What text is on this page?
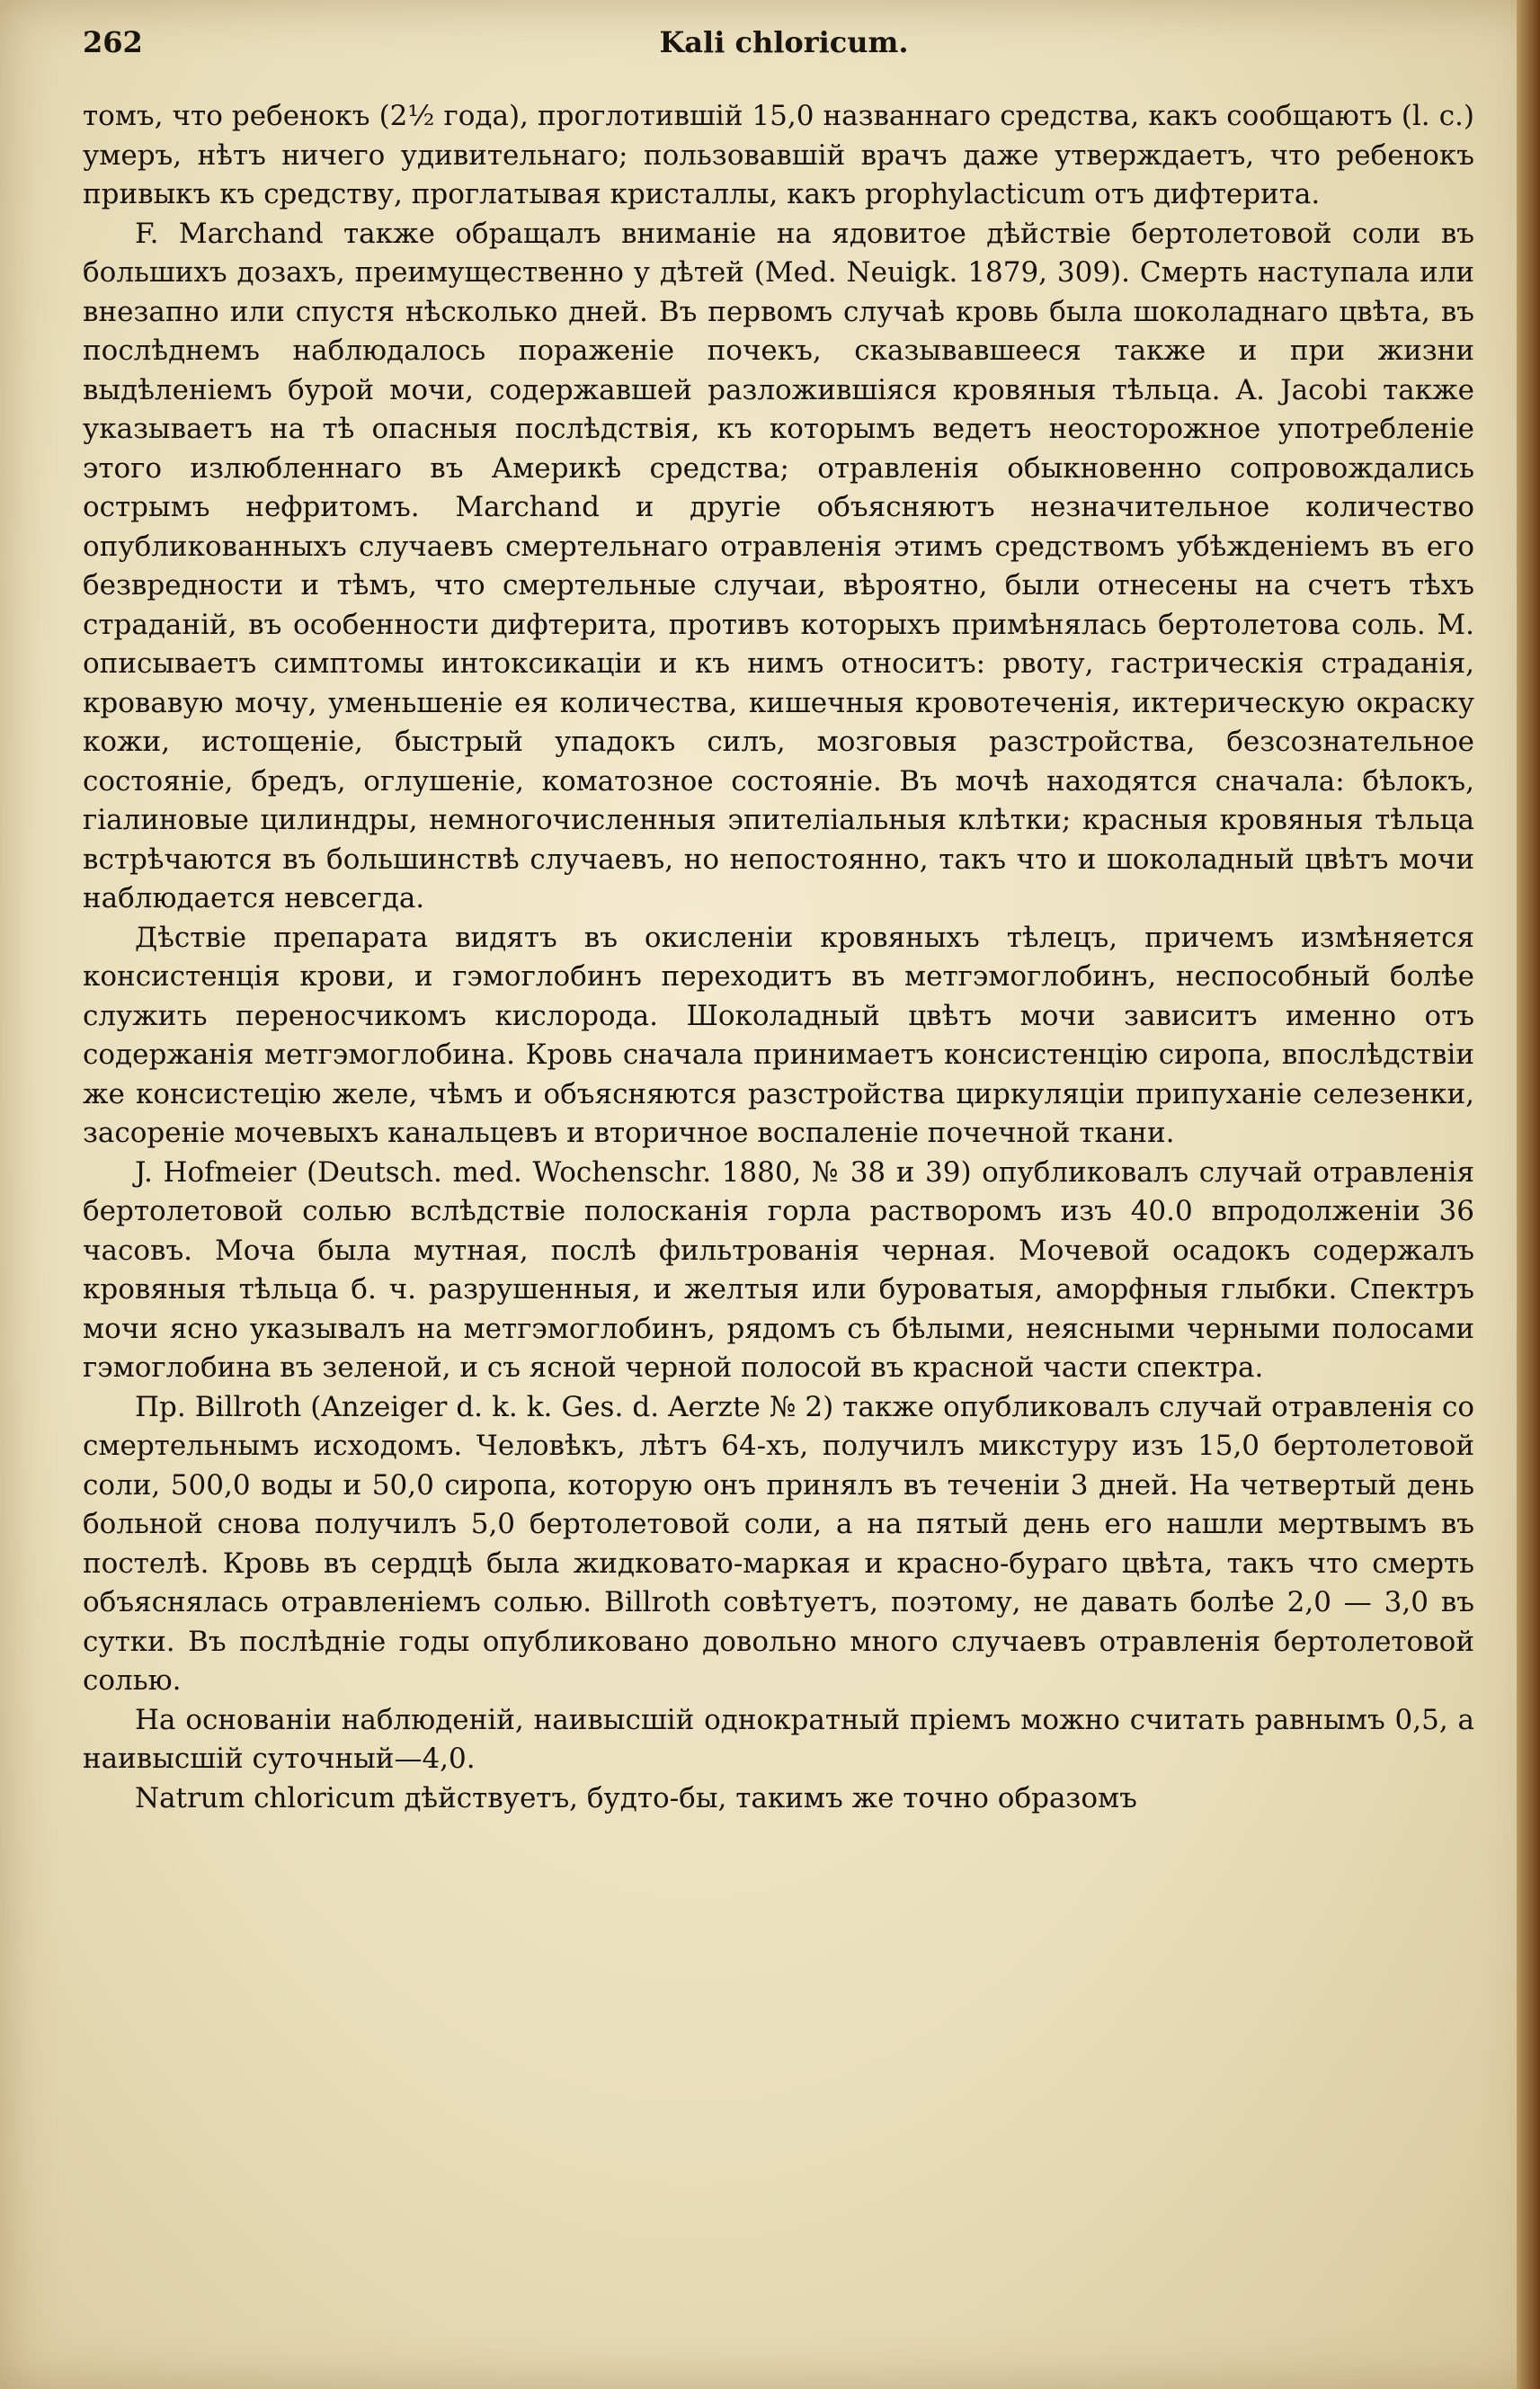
262	Kali chloricum.

томъ, что ребенокъ (2½ года), проглотившій 15,0 названнаго средства, какъ сообщаютъ (l. c.) умеръ, нѣтъ ничего удивительнаго; пользовавшій врачъ даже утверждаетъ, что ребенокъ привыкъ къ средству, проглатывая кристаллы, какъ prophylacticum отъ дифтерита.

F. Marchand также обращалъ вниманіе на ядовитое дѣйствіе бертолетовой соли въ большихъ дозахъ, преимущественно у дѣтей (Med. Neuigk. 1879, 309). Смерть наступала или внезапно или спустя нѣсколько дней. Въ первомъ случаѣ кровь была шоколаднаго цвѣта, въ послѣднемъ наблюдалось пораженіе почекъ, сказывавшееся также и при жизни выдѣленіемъ бурой мочи, содержавшей разложившіяся кровяныя тѣльца. A. Jacobi также указываетъ на тѣ опасныя послѣдствія, къ которымъ ведетъ неосторожное употребленіе этого излюбленнаго въ Америкѣ средства; отравленія обыкновенно сопровождались острымъ нефритомъ. Marchand и другіе объясняютъ незначительное количество опубликованныхъ случаевъ смертельнаго отравленія этимъ средствомъ убѣжденіемъ въ его безвредности и тѣмъ, что смертельные случаи, вѣроятно, были отнесены на счетъ тѣхъ страданій, въ особенности дифтерита, противъ которыхъ примѣнялась бертолетова соль. М. описываетъ симптомы интоксикаціи и къ нимъ относитъ: рвоту, гастрическія страданія, кровавую мочу, уменьшеніе ея количества, кишечныя кровотеченія, иктерическую окраску кожи, истощеніе, быстрый упадокъ силъ, мозговыя разстройства, безсознательное состояніе, бредъ, оглушеніе, коматозное состояніе. Въ мочѣ находятся сначала: бѣлокъ, гіалиновые цилиндры, немногочисленныя эпителіальныя клѣтки; красныя кровяныя тѣльца встрѣчаются въ большинствѣ случаевъ, но непостоянно, такъ что и шоколадный цвѣтъ мочи наблюдается невсегда.

Дѣствіе препарата видятъ въ окисленіи кровяныхъ тѣлецъ, причемъ измѣняется консистенція крови, и гэмоглобинъ переходитъ въ метгэмоглобинъ, неспособный болѣе служить переносчикомъ кислорода. Шоколадный цвѣтъ мочи зависитъ именно отъ содержанія метгэмоглобина. Кровь сначала принимаетъ консистенцію сиропа, впослѣдствіи же консистецію желе, чѣмъ и объясняются разстройства циркуляціи припуханіе селезенки, засореніе мочевыхъ канальцевъ и вторичное воспаленіе почечной ткани.

J. Hofmeier (Deutsch. med. Wochenschr. 1880, № 38 и 39) опубликовалъ случай отравленія бертолетовой солью вслѣдствіе полосканія горла растворомъ изъ 40.0 впродолженіи 36 часовъ. Моча была мутная, послѣ фильтрованія черная. Мочевой осадокъ содержалъ кровяныя тѣльца б. ч. разрушенныя, и желтыя или буроватыя, аморфныя глыбки. Спектръ мочи ясно указывалъ на метгэмоглобинъ, рядомъ съ бѣлыми, неясными черными полосами гэмоглобина въ зеленой, и съ ясной черной полосой въ красной части спектра.

Пр. Billroth (Anzeiger d. k. k. Ges. d. Aerzte № 2) также опубликовалъ случай отравленія со смертельнымъ исходомъ. Человѣкъ, лѣтъ 64-хъ, получилъ микстуру изъ 15,0 бертолетовой соли, 500,0 воды и 50,0 сиропа, которую онъ принялъ въ теченіи 3 дней. На четвертый день больной снова получилъ 5,0 бертолетовой соли, а на пятый день его нашли мертвымъ въ постелѣ. Кровь въ сердцѣ была жидковато-маркая и красно-бураго цвѣта, такъ что смерть объяснялась отравленіемъ солью. Billroth совѣтуетъ, поэтому, не давать болѣе 2,0 — 3,0 въ сутки. Въ послѣдніе годы опубликовано довольно много случаевъ отравленія бертолетовой солью.

На основаніи наблюденій, наивысшій однократный пріемъ можно считать равнымъ 0,5, а наивысшій суточный—4,0.

Natrum chloricum дѣйствуетъ, будто-бы, такимъ же точно образомъ
